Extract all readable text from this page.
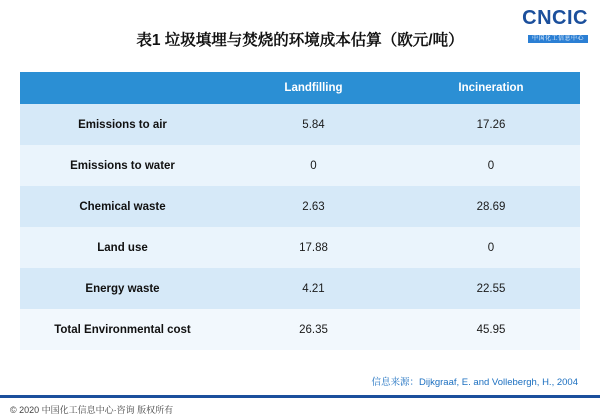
CNCIC
中国化工信息中心
表1 垃圾填埋与焚烧的环境成本估算（欧元/吨）
	Landfilling	Incineration
Emissions to air	5.84	17.26
Emissions to water	0	0
Chemical waste	2.63	28.69
Land use	17.88	0
Energy waste	4.21	22.55
Total Environmental cost	26.35	45.95
信息来源：Dijkgraaf, E. and Vollebergh, H., 2004
© 2020 中国化工信息中心·咨询 版权所有
